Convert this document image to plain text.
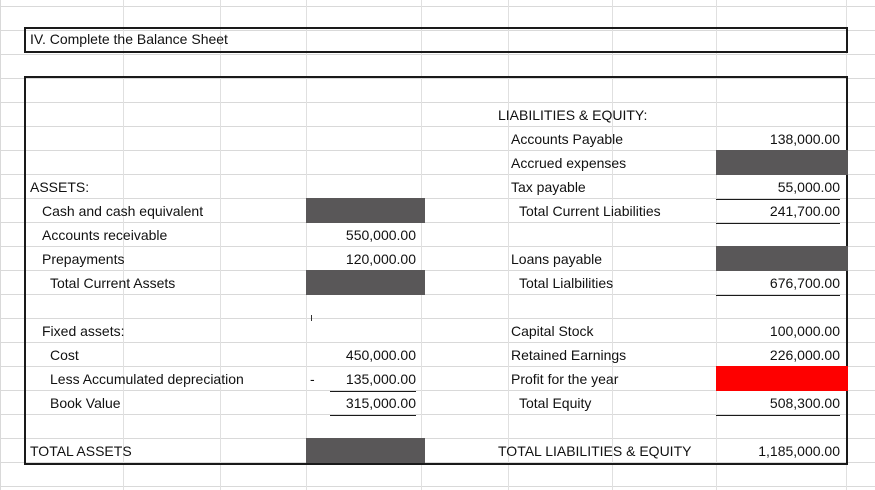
IV. Complete the Balance Sheet
ASSETS:
Cash and cash equivalent
Accounts receivable	550,000.00
Prepayments	120,000.00
Total Current Assets
Fixed assets:
Cost	450,000.00
Less Accumulated depreciation	-	135,000.00
Book Value	315,000.00
TOTAL ASSETS
LIABILITIES & EQUITY:
Accounts Payable	138,000.00
Accrued expenses
Tax payable	55,000.00
Total Current Liabilities	241,700.00
Loans payable
Total Lialbilities	676,700.00
Capital Stock	100,000.00
Retained Earnings	226,000.00
Profit for the year
Total Equity	508,300.00
TOTAL LIABILITIES & EQUITY	1,185,000.00
